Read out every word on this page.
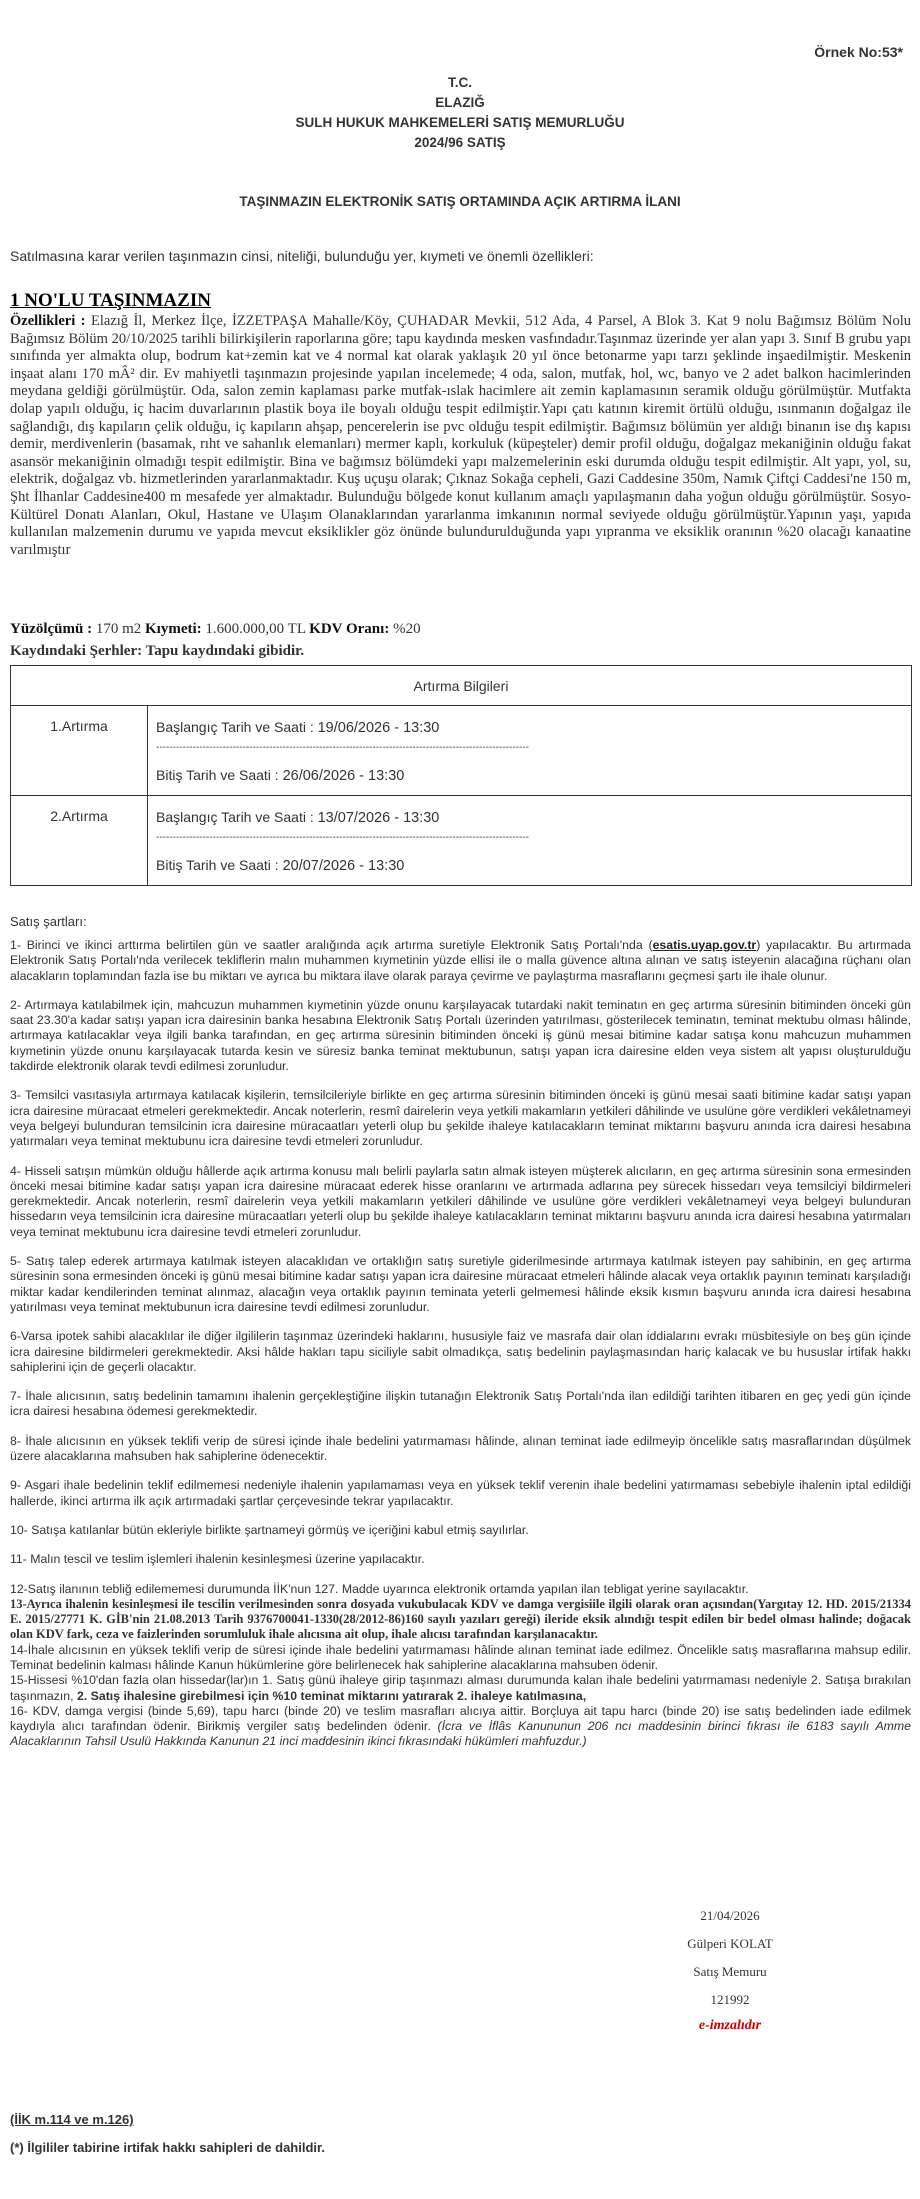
Örnek No:53*
T.C.
ELAZIĞ
SULH HUKUK MAHKEMELERİ SATIŞ MEMURLUĞU
2024/96 SATIŞ
TAŞINMAZIN ELEKTRONİK SATIŞ ORTAMINDA AÇIK ARTIRMA İLANI
Satılmasına karar verilen taşınmazın cinsi, niteliği, bulunduğu yer, kıymeti ve önemli özellikleri:
1 NO'LU TAŞINMAZIN
Özellikleri : Elazığ İl, Merkez İlçe, İZZETPAŞA Mahalle/Köy, ÇUHADAR Mevkii, 512 Ada, 4 Parsel, A Blok 3. Kat 9 nolu Bağımsız Bölüm Nolu Bağımsız Bölüm 20/10/2025 tarihli bilirkişilerin raporlarına göre; tapu kaydında mesken vasfındadır.Taşınmaz üzerinde yer alan yapı 3. Sınıf B grubu yapı sınıfında yer almakta olup, bodrum kat+zemin kat ve 4 normal kat olarak yaklaşık 20 yıl önce betonarme yapı tarzı şeklinde inşaedilmiştir. Meskenin inşaat alanı 170 mÂ² dir. Ev mahiyetli taşınmazın projesinde yapılan incelemede; 4 oda, salon, mutfak, hol, wc, banyo ve 2 adet balkon hacimlerinden meydana geldiği görülmüştür. Oda, salon zemin kaplaması parke mutfak-ıslak hacimlere ait zemin kaplamasının seramik olduğu görülmüştür. Mutfakta dolap yapılı olduğu, iç hacim duvarlarının plastik boya ile boyalı olduğu tespit edilmiştir.Yapı çatı katının kiremit örtülü olduğu, ısınmanın doğalgaz ile sağlandığı, dış kapıların çelik olduğu, iç kapıların ahşap, pencerelerin ise pvc olduğu tespit edilmiştir. Bağımsız bölümün yer aldığı binanın ise dış kapısı demir, merdivenlerin (basamak, rıht ve sahanlık elemanları) mermer kaplı, korkuluk (küpeşteler) demir profil olduğu, doğalgaz mekaniğinin olduğu fakat asansör mekaniğinin olmadığı tespit edilmiştir. Bina ve bağımsız bölümdeki yapı malzemelerinin eski durumda olduğu tespit edilmiştir. Alt yapı, yol, su, elektrik, doğalgaz vb. hizmetlerinden yararlanmaktadır. Kuş uçuşu olarak; Çıknaz Sokağa cepheli, Gazi Caddesine 350m, Namık Çiftçi Caddesi'ne 150 m, Şht İlhanlar Caddesine400 m mesafede yer almaktadır. Bulunduğu bölgede konut kullanım amaçlı yapılaşmanın daha yoğun olduğu görülmüştür. Sosyo-Kültürel Donatı Alanları, Okul, Hastane ve Ulaşım Olanaklarından yararlanma imkanının normal seviyede olduğu görülmüştür.Yapının yaşı, yapıda kullanılan malzemenin durumu ve yapıda mevcut eksiklikler göz önünde bulundurulduğunda yapı yıpranma ve eksiklik oranının %20 olacağı kanaatine varılmıştır
Yüzölçümü : 170 m2 Kıymeti: 1.600.000,00 TL KDV Oranı: %20
Kaydındaki Şerhler: Tapu kaydındaki gibidir.
Artırma Bilgileri	
1.Artırma	Başlangıç Tarih ve Saati : 19/06/2026 - 13:30
----------------------------------------------------------------------------------------------------------------
Bitiş Tarih ve Saati : 26/06/2026 - 13:30

2.Artırma	Başlangıç Tarih ve Saati : 13/07/2026 - 13:30
----------------------------------------------------------------------------------------------------------------
Bitiş Tarih ve Saati : 20/07/2026 - 13:30
Satış şartları:

1- Birinci ve ikinci arttırma belirtilen gün ve saatler aralığında açık artırma suretiyle Elektronik Satış Portalı'nda (esatis.uyap.gov.tr) yapılacaktır. Bu artırmada Elektronik Satış Portalı'nda verilecek tekliflerin malın muhammen kıymetinin yüzde ellisi ile o malla güvence altına alınan ve satış isteyenin alacağına rüçhanı olan alacakların toplamından fazla ise bu miktarı ve ayrıca bu miktara ilave olarak paraya çevirme ve paylaştırma masraflarını geçmesi şartı ile ihale olunur.

2- Artırmaya katılabilmek için, mahcuzun muhammen kıymetinin yüzde onunu karşılayacak tutardaki nakit teminatın en geç artırma süresinin bitiminden önceki gün saat 23.30'a kadar satışı yapan icra dairesinin banka hesabına Elektronik Satış Portalı üzerinden yatırılması, gösterilecek teminatın, teminat mektubu olması hâlinde, artırmaya katılacaklar veya ilgili banka tarafından, en geç artırma süresinin bitiminden önceki iş günü mesai bitimine kadar satışa konu mahcuzun muhammen kıymetinin yüzde onunu karşılayacak tutarda kesin ve süresiz banka teminat mektubunun, satışı yapan icra dairesine elden veya sistem alt yapısı oluşturulduğu takdirde elektronik olarak tevdi edilmesi zorunludur.

3- Temsilci vasıtasıyla artırmaya katılacak kişilerin, temsilcileriyle birlikte en geç artırma süresinin bitiminden önceki iş günü mesai saati bitimine kadar satışı yapan icra dairesine müracaat etmeleri gerekmektedir. Ancak noterlerin, resmî dairelerin veya yetkili makamların yetkileri dâhilinde ve usulüne göre verdikleri vekâletnameyi veya belgeyi bulunduran temsilcinin icra dairesine müracaatları yeterli olup bu şekilde ihaleye katılacakların teminat miktarını başvuru anında icra dairesi hesabına yatırmaları veya teminat mektubunu icra dairesine tevdi etmeleri zorunludur.

4- Hisseli satışın mümkün olduğu hâllerde açık artırma konusu malı belirli paylarla satın almak isteyen müşterek alıcıların, en geç artırma süresinin sona ermesinden önceki mesai bitimine kadar satışı yapan icra dairesine müracaat ederek hisse oranlarını ve artırmada adlarına pey sürecek hissedarı veya temsilciyi bildirmeleri gerekmektedir. Ancak noterlerin, resmî dairelerin veya yetkili makamların yetkileri dâhilinde ve usulüne göre verdikleri vekâletnameyi veya belgeyi bulunduran hissedarın veya temsilcinin icra dairesine müracaatları yeterli olup bu şekilde ihaleye katılacakların teminat miktarını başvuru anında icra dairesi hesabına yatırmaları veya teminat mektubunu icra dairesine tevdi etmeleri zorunludur.

5- Satış talep ederek artırmaya katılmak isteyen alacaklıdan ve ortaklığın satış suretiyle giderilmesinde artırmaya katılmak isteyen pay sahibinin, en geç artırma süresinin sona ermesinden önceki iş günü mesai bitimine kadar satışı yapan icra dairesine müracaat etmeleri hâlinde alacak veya ortaklık payının teminatı karşıladığı miktar kadar kendilerinden teminat alınmaz, alacağın veya ortaklık payının teminata yeterli gelmemesi hâlinde eksik kısmın başvuru anında icra dairesi hesabına yatırılması veya teminat mektubunun icra dairesine tevdi edilmesi zorunludur.

6-Varsa ipotek sahibi alacaklılar ile diğer ilgililerin taşınmaz üzerindeki haklarını, hususiyle faiz ve masrafa dair olan iddialarını evrakı müsbitesiyle on beş gün içinde icra dairesine bildirmeleri gerekmektedir. Aksi hâlde hakları tapu siciliyle sabit olmadıkça, satış bedelinin paylaşmasından hariç kalacak ve bu hususlar irtifak hakkı sahiplerini için de geçerli olacaktır.

7- İhale alıcısının, satış bedelinin tamamını ihalenin gerçekleştiğine ilişkin tutanağın Elektronik Satış Portalı'nda ilan edildiği tarihten itibaren en geç yedi gün içinde icra dairesi hesabına ödemesi gerekmektedir.

8- İhale alıcısının en yüksek teklifi verip de süresi içinde ihale bedelini yatırmaması hâlinde, alınan teminat iade edilmeyip öncelikle satış masraflarından düşülmek üzere alacaklarına mahsuben hak sahiplerine ödenecektir.

9- Asgari ihale bedelinin teklif edilmemesi nedeniyle ihalenin yapılamaması veya en yüksek teklif verenin ihale bedelini yatırmaması sebebiyle ihalenin iptal edildiği hallerde, ikinci artırma ilk açık artırmadaki şartlar çerçevesinde tekrar yapılacaktır.

10- Satışa katılanlar bütün ekleriyle birlikte şartnameyi görmüş ve içeriğini kabul etmiş sayılırlar.

11- Malın tescil ve teslim işlemleri ihalenin kesinleşmesi üzerine yapılacaktır.

12-Satış ilanının tebliğ edilememesi durumunda İİK'nun 127. Madde uyarınca elektronik ortamda yapılan ilan tebligat yerine sayılacaktır.

13-Ayrıca ihalenin kesinleşmesi ile tescilin verilmesinden sonra dosyada vukubulacak KDV ve damga vergisiile ilgili olarak oran açısından(Yargıtay 12. HD. 2015/21334 E. 2015/27771 K. GİB'nin 21.08.2013 Tarih 9376700041-1330(28/2012-86)160 sayılı yazıları gereği) ileride eksik alındığı tespit edilen bir bedel olması halinde; doğacak olan KDV fark, ceza ve faizlerinden sorumluluk ihale alıcısına ait olup, ihale alıcısı tarafından karşılanacaktır.

14-İhale alıcısının en yüksek teklifi verip de süresi içinde ihale bedelini yatırmaması hâlinde alınan teminat iade edilmez. Öncelikle satış masraflarına mahsup edilir. Teminat bedelinin kalması hâlinde Kanun hükümlerine göre belirlenecek hak sahiplerine alacaklarına mahsuben ödenir.

15-Hissesi %10'dan fazla olan hissedar(lar)ın 1. Satış günü ihaleye girip taşınmazı alması durumunda kalan ihale bedelini yatırmaması nedeniyle 2. Satışa bırakılan taşınmazın, 2. Satış ihalesine girebilmesi için %10 teminat miktarını yatırarak 2. ihaleye katılmasına,

16- KDV, damga vergisi (binde 5,69), tapu harcı (binde 20) ve teslim masrafları alıcıya aittir. Borçluya ait tapu harcı (binde 20) ise satış bedelinden iade edilmek kaydıyla alıcı tarafından ödenir. Birikmiş vergiler satış bedelinden ödenir. (İcra ve İflâs Kanununun 206 ncı maddesinin birinci fıkrası ile 6183 sayılı Amme Alacaklarının Tahsil Usulü Hakkında Kanunun 21 inci maddesinin ikinci fıkrasındaki hükümleri mahfuzdur.)

21/04/2026
Gülperi KOLAT
Satış Memuru
121992
e-imzalıdır
(İİK m.114 ve m.126)
(*) İlgililer tabirine irtifak hakkı sahipleri de dahildir.
